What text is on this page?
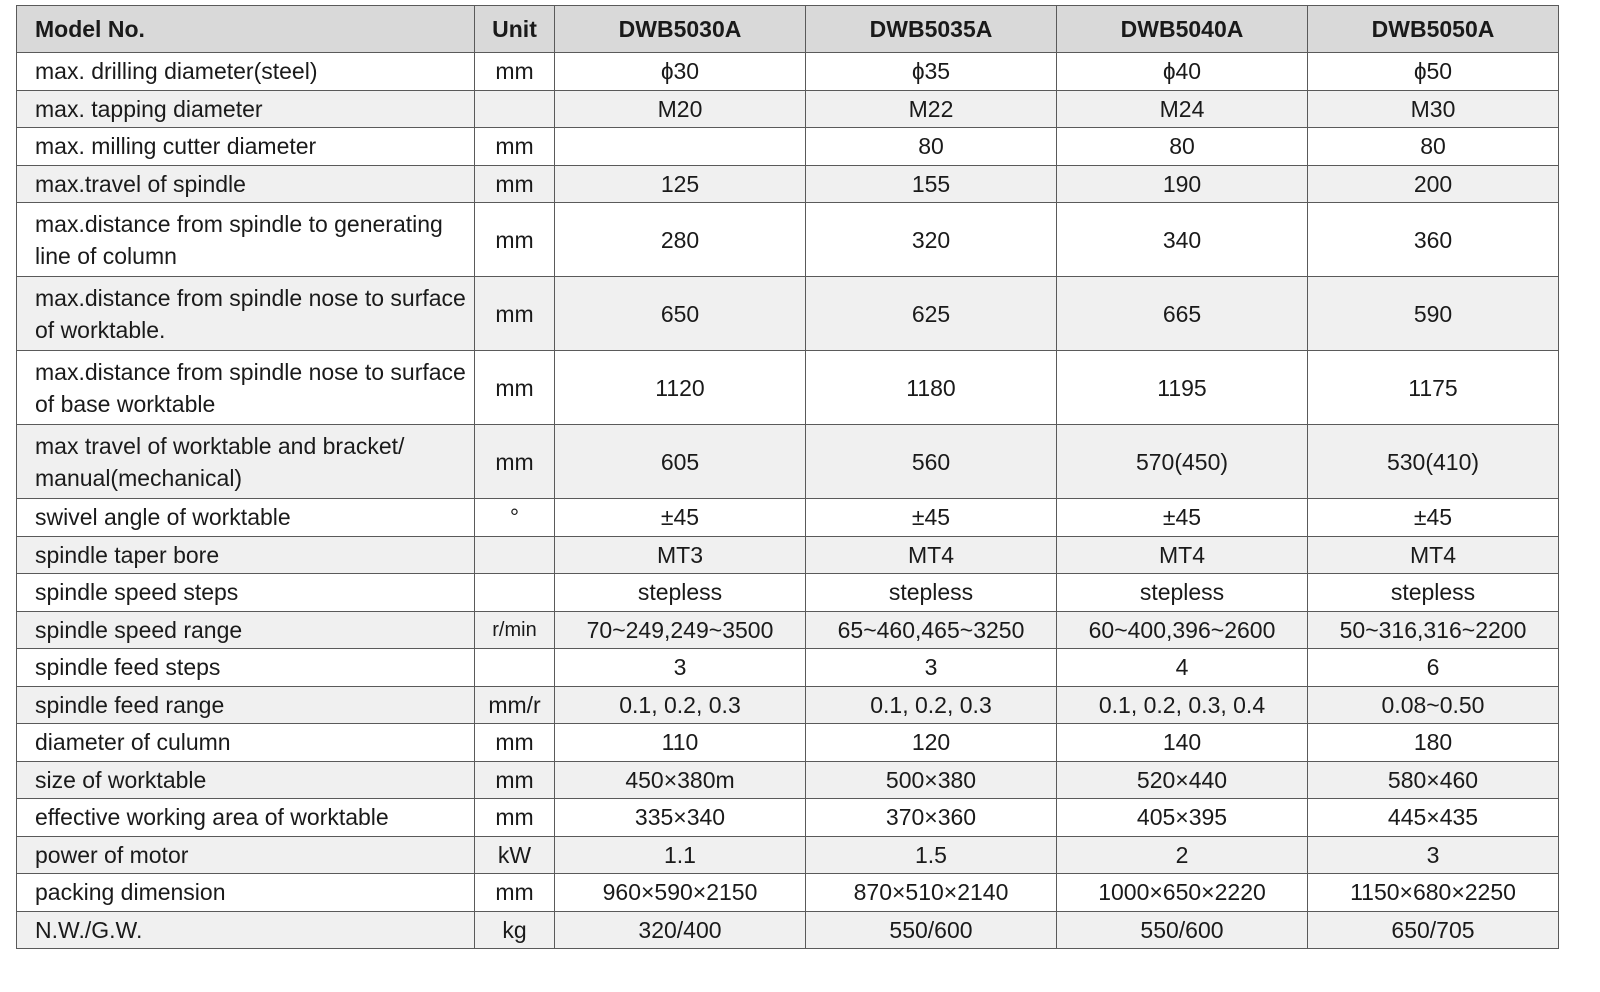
Model No.	Unit	DWB5030A	DWB5035A	DWB5040A	DWB5050A
max. drilling diameter(steel)	mm	ɸ30	ɸ35	ɸ40	ɸ50
max. tapping diameter		M20	M22	M24	M30
max. milling cutter diameter	mm		80	80	80
max.travel of spindle	mm	125	155	190	200
max.distance from spindle to generating line of column	mm	280	320	340	360
max.distance from spindle nose to surface of worktable.	mm	650	625	665	590
max.distance from spindle nose to surface of base worktable	mm	1120	1180	1195	1175
max travel of worktable and bracket/ manual(mechanical)	mm	605	560	570(450)	530(410)
swivel angle of worktable	°	±45	±45	±45	±45
spindle taper bore		MT3	MT4	MT4	MT4
spindle speed steps		stepless	stepless	stepless	stepless
spindle speed range	r/min	70~249,249~3500	65~460,465~3250	60~400,396~2600	50~316,316~2200
spindle feed steps		3	3	4	6
spindle feed range	mm/r	0.1, 0.2, 0.3	0.1, 0.2, 0.3	0.1, 0.2, 0.3, 0.4	0.08~0.50
diameter of culumn	mm	110	120	140	180
size of worktable	mm	450×380m	500×380	520×440	580×460
effective working area of worktable	mm	335×340	370×360	405×395	445×435
power of motor	kW	1.1	1.5	2	3
packing dimension	mm	960×590×2150	870×510×2140	1000×650×2220	1150×680×2250
N.W./G.W.	kg	320/400	550/600	550/600	650/705
